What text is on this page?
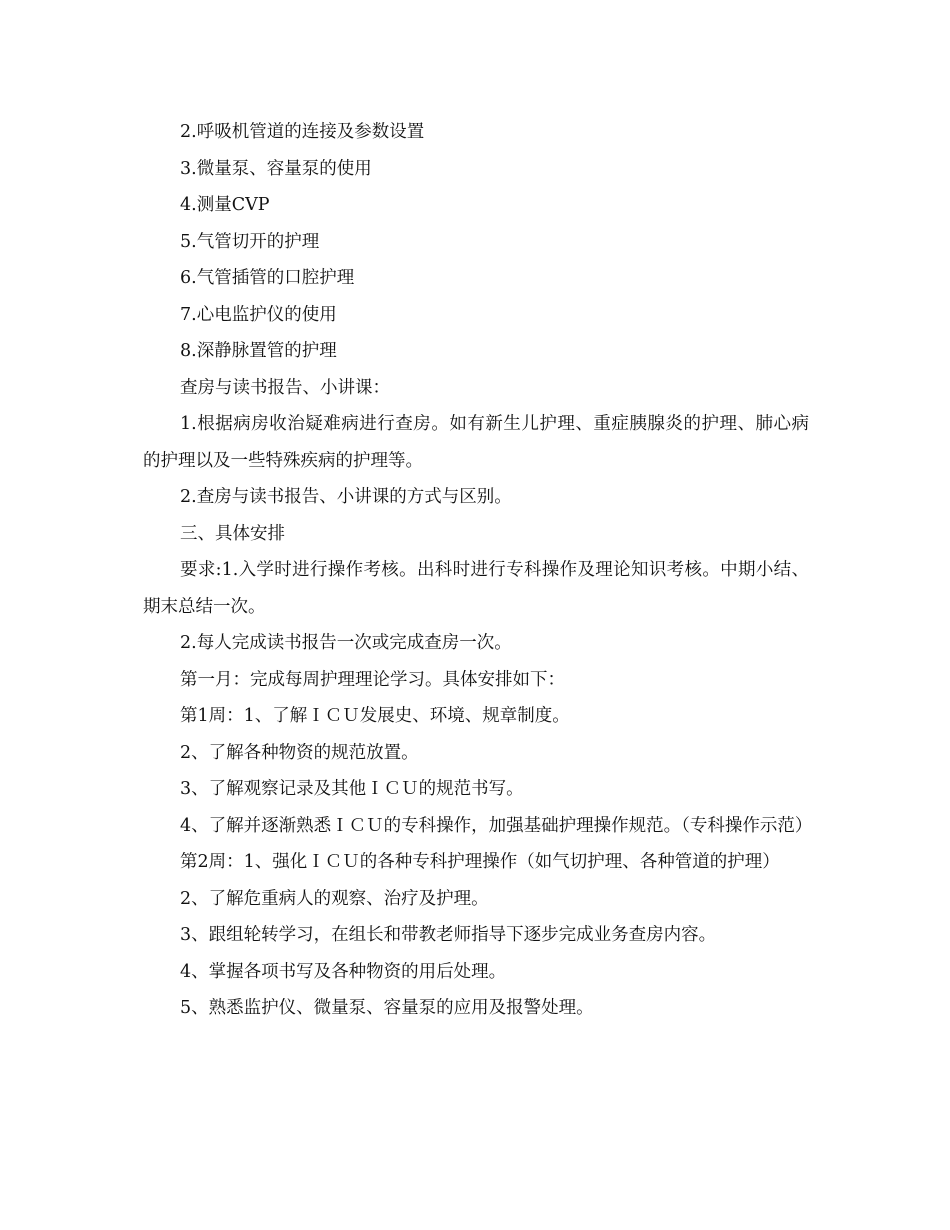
2.呼吸机管道的连接及参数设置

3.微量泵、容量泵的使用

4.测量CVP

5.气管切开的护理

6.气管插管的口腔护理

7.心电监护仪的使用

8.深静脉置管的护理

查房与读书报告、小讲课：

1.根据病房收治疑难病进行查房。如有新生儿护理、重症胰腺炎的护理、肺心病的护理以及一些特殊疾病的护理等。

2.查房与读书报告、小讲课的方式与区别。

三、具体安排

要求:1.入学时进行操作考核。出科时进行专科操作及理论知识考核。中期小结、期末总结一次。

2.每人完成读书报告一次或完成查房一次。

第一月：完成每周护理理论学习。具体安排如下：

第1周：1、了解ＩＣＵ发展史、环境、规章制度。

2、了解各种物资的规范放置。

3、了解观察记录及其他ＩＣＵ的规范书写。

4、了解并逐渐熟悉ＩＣＵ的专科操作，加强基础护理操作规范。（专科操作示范）

第2周：1、强化ＩＣＵ的各种专科护理操作（如气切护理、各种管道的护理）

2、了解危重病人的观察、治疗及护理。

3、跟组轮转学习，在组长和带教老师指导下逐步完成业务查房内容。

4、掌握各项书写及各种物资的用后处理。

5、熟悉监护仪、微量泵、容量泵的应用及报警处理。
